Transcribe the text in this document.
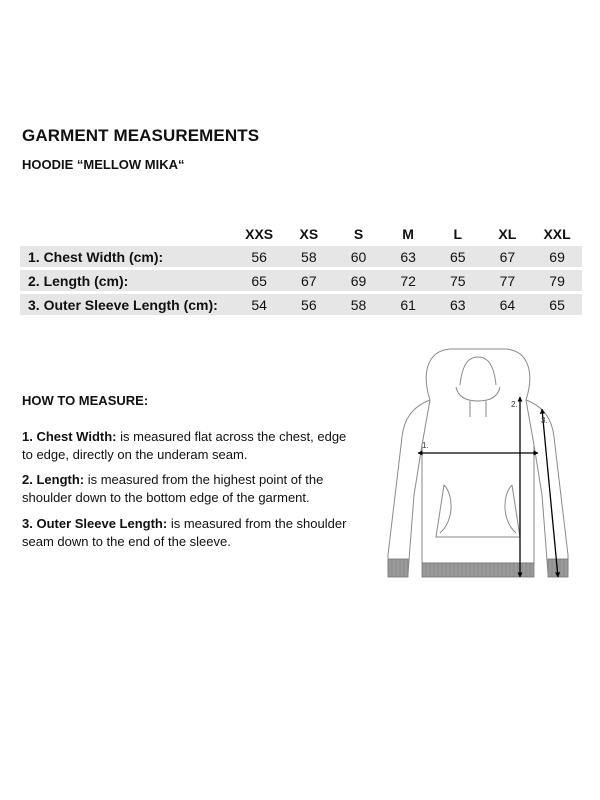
GARMENT MEASUREMENTS
HOODIE “MELLOW MIKA“
	XXS	XS	S	M	L	XL	XXL
1. Chest Width (cm):	56	58	60	63	65	67	69
2. Length (cm):	65	67	69	72	75	77	79
3. Outer Sleeve Length (cm):	54	56	58	61	63	64	65
HOW TO MEASURE:
1. Chest Width: is measured flat across the chest, edge to edge, directly on the underam seam.
2. Length: is measured from the highest point of the shoulder down to the bottom edge of the garment.
3. Outer Sleeve Length: is measured from the shoulder seam down to the end of the sleeve.
1.
2.
3.
